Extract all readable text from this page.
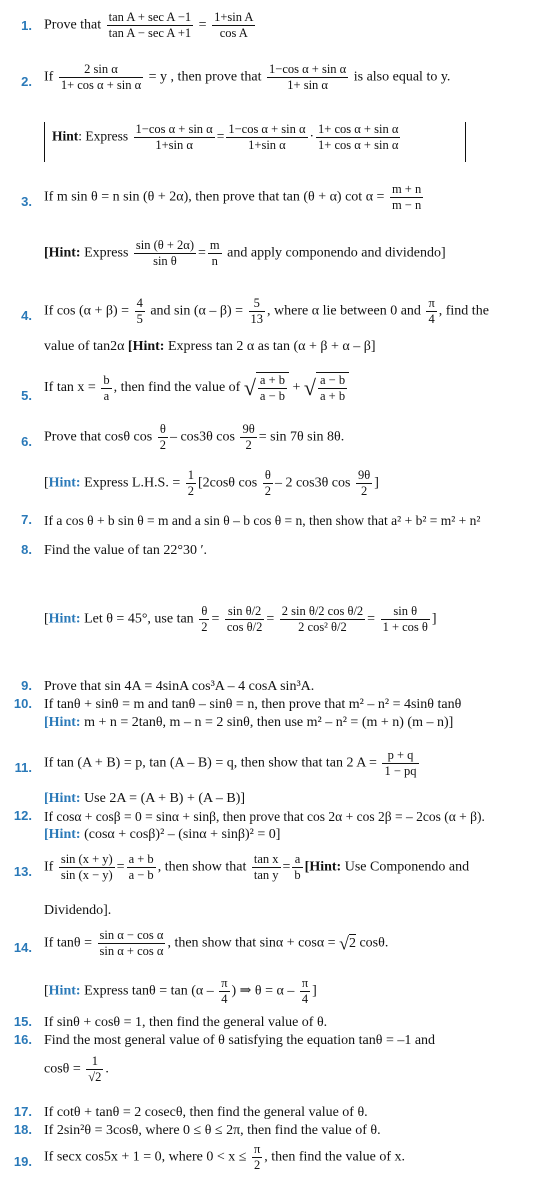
1. Prove that $\frac{\text{tan A + sec A −1}}{\text{tan A − sec A +1}} = \frac{\text{1+sin A}}{\text{cos A}}$
2. If $\frac{\text{2 sin α}}{\text{1+ cos α + sin α}} = y$ , then prove that $\frac{\text{1−cos α + sin α}}{\text{1+ sin α}}$ is also equal to y.
Hint: Express $\frac{\text{1−cos α + sin α}}{\text{1+sin α}} = \frac{\text{1−cos α + sin α}}{\text{1+sin α}} \cdot \frac{\text{1+ cos α + sin α}}{\text{1+ cos α + sin α}}$
3. If m sin θ = n sin (θ + 2α), then prove that tan (θ + α) $\cot \alpha = \frac{m + n}{m - n}$
[Hint: Express $\frac{\sin (\theta + 2\alpha)}{\text{sin θ}} = \frac{m}{n}$ and apply componendo and dividendo]
4. If $\cos (\alpha + \beta) = \frac{4}{5}$ and $\sin (\alpha - \beta) = \frac{5}{13}$ , where α lie between 0 and $\frac{\pi}{4}$ , find the
value of tan2α [Hint: Express tan 2 α as tan (α + β + α – β]
5.
If $\tan x = \frac{b}{a}$ , then find the value of √ $\frac{a + b}{a - b}$ + √ $\frac{a - b}{a + b}$
6. Prove that cosθ $\cos \frac{\theta}{2} - \cos 3\theta$ $\cos \frac{9\theta}{2} = \sin 7\theta$ sin 8θ.
[Hint: Express L.H.S. = $\frac{1}{2} [2\cos\theta$ $\cos \frac{\theta}{2} - 2$ cos3θ $\cos \frac{9\theta}{2}$ ]
7. If a cos θ + b sin θ = m and a sin θ – b cos θ = n, then show that a² + b² = m² + n²
8. Find the value of tan 22°30 ′.
[Hint: Let θ = 45°, use $\tan \frac{\theta}{2} = \frac{\text{sin θ/2}}{\text{cos θ/2}} = \frac{\text{2 sin θ/2 cos θ/2}}{\text{2 cos² θ/2}} = \frac{\text{sin θ}}{\text{1 + cos θ}}$ ]
9. Prove that sin 4A = 4sinA cos³A – 4 cosA sin³A.
10. If tanθ + sinθ = m and tanθ – sinθ = n, then prove that m² – n² = 4sinθ tanθ
[Hint: m + n = 2tanθ, m – n = 2 sinθ, then use m² – n² = (m + n) (m – n)]
11. If tan (A + B) = p, tan (A – B) = q, then show that tan 2 $A = \frac{p + q}{1 - pq}$
[Hint: Use 2A = (A + B) + (A – B)]
12. If cosα + cosβ = 0 = sinα + sinβ, then prove that cos 2α + cos 2β = – 2cos (α + β).
[Hint: (cosα + cosβ)² – (sinα + sinβ)² = 0]
13. If $\frac{\sin (x + y)}{\sin (x - y)} = \frac{a + b}{a - b}$ , then show that $\frac{\text{tan x}}{\text{tan y}} = \frac{a}{b}$ [Hint: Use Componendo and
Dividendo].
14. If $\tan\theta = \frac{\text{sin α − cos α}}{\text{sin α + cos α}}$ , then show that sinα + cosα = √2 cosθ.
[Hint: Express $\tan\theta = \tan (\alpha - \frac{\pi}{4}$ ) ⇒ $\theta = \alpha - \frac{\pi}{4}$ ]
15. If sinθ + cosθ = 1, then find the general value of θ.
16. Find the most general value of θ satisfying the equation tanθ = –1 and
$\cos\theta = \frac{1}{√2}$ .
17. If cotθ + tanθ = 2 cosecθ, then find the general value of θ.
18. If 2sin²θ = 3cosθ, where 0 ≤ θ ≤ 2π, then find the value of θ.
19. If secx cos5x + 1 = 0, where $0 < x \le \frac{\pi}{2}$ , then find the value of x.
